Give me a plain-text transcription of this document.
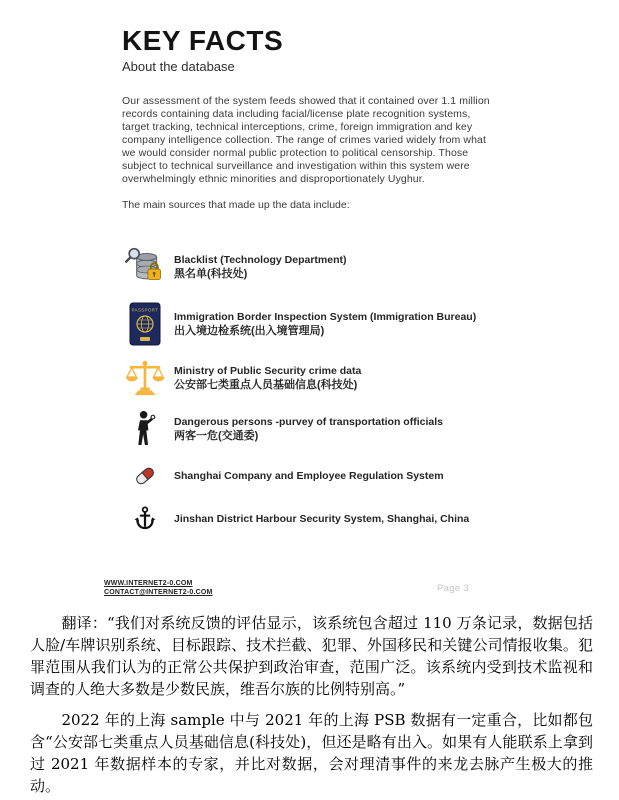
KEY FACTS
About the database

Our assessment of the system feeds showed that it contained over 1.1 million records containing data including facial/license plate recognition systems, target tracking, technical interceptions, crime, foreign immigration and key company intelligence collection. The range of crimes varied widely from what we would consider normal public protection to political censorship. Those subject to technical surveillance and investigation within this system were overwhelmingly ethnic minorities and disproportionately Uyghur.

The main sources that made up the data include:

Blacklist (Technology Department)
黑名单(科技处)
PASSPORT
Immigration Border Inspection System (Immigration Bureau)
出入境边检系统(出入境管理局)
Ministry of Public Security crime data
公安部七类重点人员基础信息(科技处)
Dangerous persons -purvey of transportation officials
两客一危(交通委)
Shanghai Company and Employee Regulation System
Jinshan District Harbour Security System, Shanghai, China
WWW.INTERNET2-0.COM
CONTACT@INTERNET2-0.COM	Page 3

翻译：“我们对系统反馈的评估显示，该系统包含超过 110 万条记录，数据包括人脸/车牌识别系统、目标跟踪、技术拦截、犯罪、外国移民和关键公司情报收集。犯罪范围从我们认为的正常公共保护到政治审查，范围广泛。该系统内受到技术监视和调查的人绝大多数是少数民族，维吾尔族的比例特别高。”

2022 年的上海 sample 中与 2021 年的上海 PSB 数据有一定重合，比如都包含“公安部七类重点人员基础信息(科技处)，但还是略有出入。如果有人能联系上拿到过 2021 年数据样本的专家，并比对数据，会对理清事件的来龙去脉产生极大的推动。
